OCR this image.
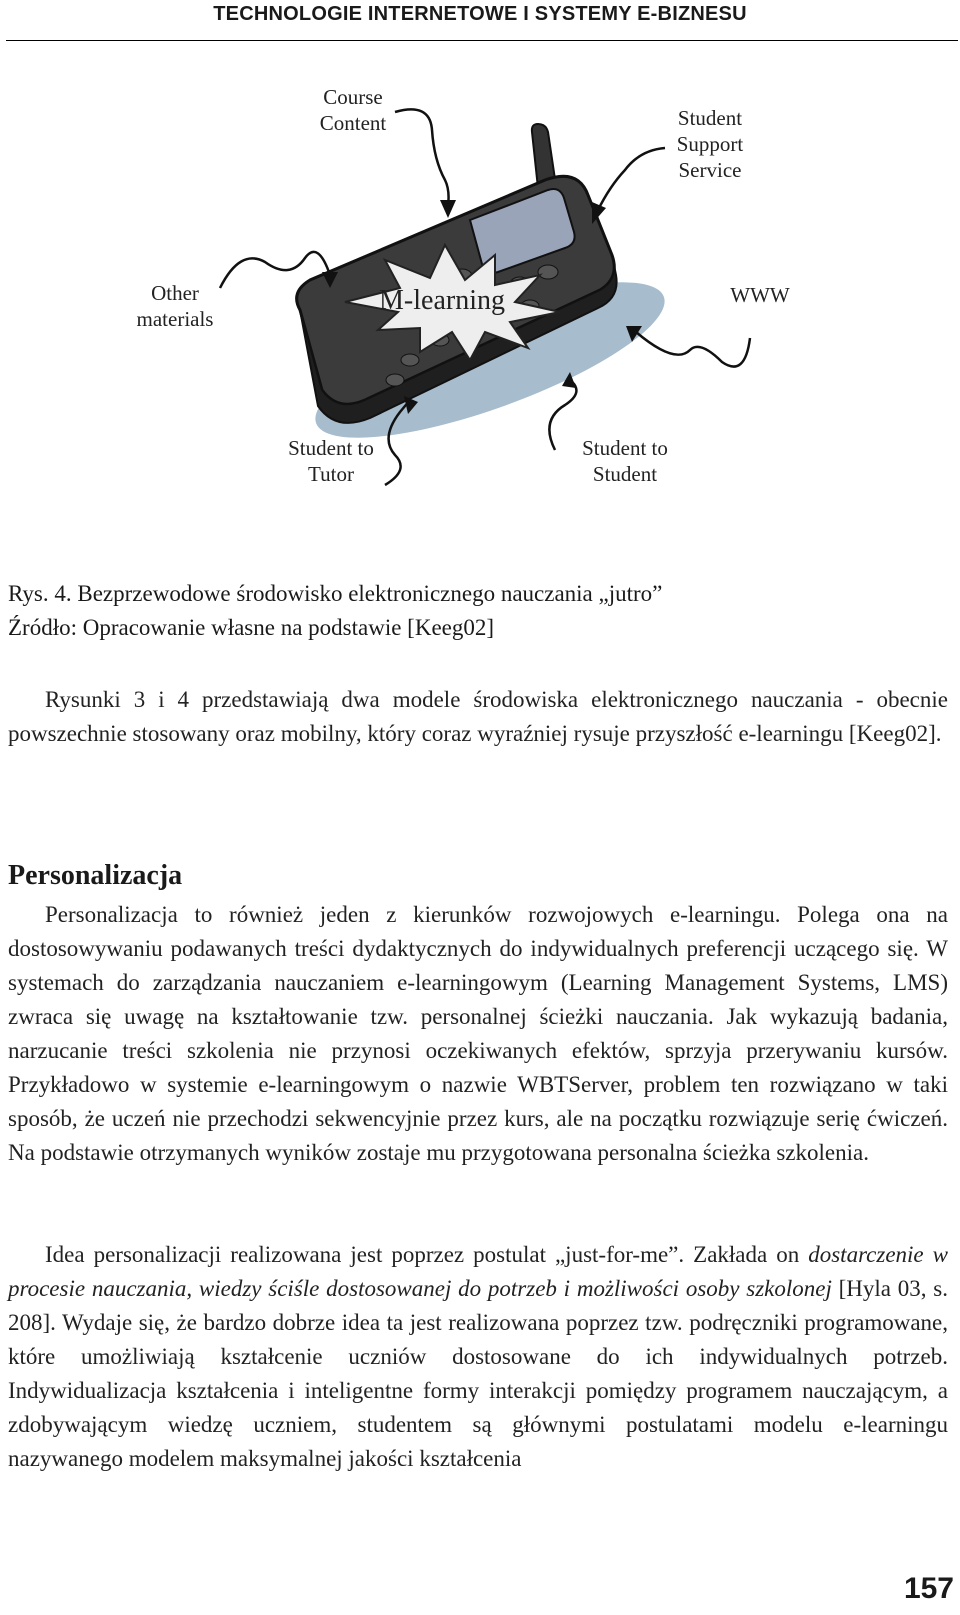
TECHNOLOGIE INTERNETOWE I SYSTEMY E-BIZNESU
Course
Content	Student
Support
Service
Other
materials
WWW
Student to
Tutor
Student to
Student
M-learning
Rys. 4. Bezprzewodowe środowisko elektronicznego nauczania „jutro”
Źródło: Opracowanie własne na podstawie [Keeg02]

Rysunki 3 i 4 przedstawiają dwa modele środowiska elektronicznego nauczania - obecnie powszechnie stosowany oraz mobilny, który coraz wyraźniej rysuje przyszłość e-learningu [Keeg02].

Personalizacja

Personalizacja to również jeden z kierunków rozwojowych e-learningu. Polega ona na dostosowywaniu podawanych treści dydaktycznych do indywidualnych preferencji uczącego się. W systemach do zarządzania nauczaniem e-learningowym (Learning Management Systems, LMS) zwraca się uwagę na kształtowanie tzw. personalnej ścieżki nauczania. Jak wykazują badania, narzucanie treści szkolenia nie przynosi oczekiwanych efektów, sprzyja przerywaniu kursów. Przykładowo w systemie e-learningowym o nazwie WBTServer, problem ten rozwiązano w taki sposób, że uczeń nie przechodzi sekwencyjnie przez kurs, ale na początku rozwiązuje serię ćwiczeń. Na podstawie otrzymanych wyników zostaje mu przygotowana personalna ścieżka szkolenia.

Idea personalizacji realizowana jest poprzez postulat „just-for-me”. Zakłada on dostarczenie w procesie nauczania, wiedzy ściśle dostosowanej do potrzeb i możliwości osoby szkolonej [Hyla 03, s. 208]. Wydaje się, że bardzo dobrze idea ta jest realizowana poprzez tzw. podręczniki programowane, które umożliwiają kształcenie uczniów dostosowane do ich indywidualnych potrzeb. Indywidualizacja kształcenia i inteligentne formy interakcji pomiędzy programem nauczającym, a zdobywającym wiedzę uczniem, studentem są głównymi postulatami modelu e-learningu nazywanego modelem maksymalnej jakości kształcenia

157
